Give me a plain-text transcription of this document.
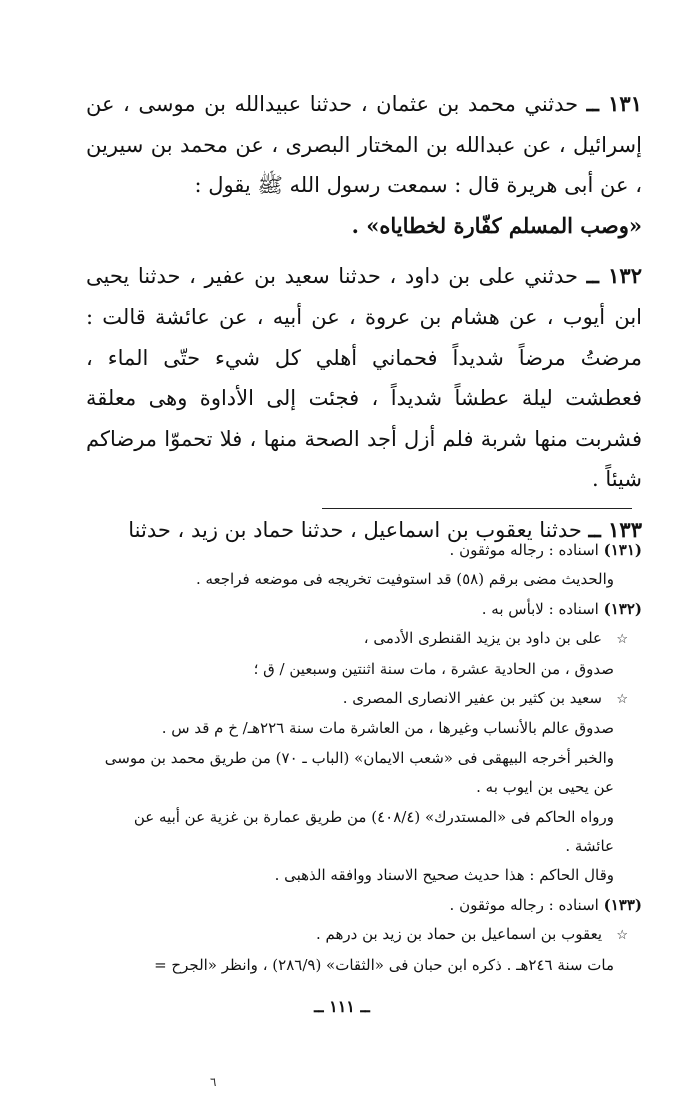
١٣١ ــ حدثني محمد بن عثمان ، حدثنا عبيدالله بن موسى ، عن إسرائيل ، عن عبدالله بن المختار البصرى ، عن محمد بن سيرين ، عن أبى هريرة قال : سمعت رسول الله ﷺ يقول :
«وصب المسلم كفّارة لخطاياه» .

١٣٢ ــ حدثني على بن داود ، حدثنا سعيد بن عفير ، حدثنا يحيى ابن أيوب ، عن هشام بن عروة ، عن أبيه ، عن عائشة قالت : مرضتُ مرضاً شديداً فحماني أهلي كل شيء حتّى الماء ، فعطشت ليلة عطشاً شديداً ، فجئت إلى الأداوة وهى معلقة فشربت منها شربة فلم أزل أجد الصحة منها ، فلا تحموّا مرضاكم شيئاً .

١٣٣ ــ حدثنا يعقوب بن اسماعيل ، حدثنا حماد بن زيد ، حدثنا

(١٣١) اسناده : رجاله موثقون .
والحديث مضى برقم (٥٨) قد استوفيت تخريجه فى موضعه فراجعه .
(١٣٢) اسناده : لابأس به .
☆على بن داود بن يزيد القنطرى الأدمى ،
صدوق ، من الحادية عشرة ، مات سنة اثنتين وسبعين / ق ؛
☆سعيد بن كثير بن عفير الانصارى المصرى .
صدوق عالم بالأنساب وغيرها ، من العاشرة مات سنة ٢٢٦هـ/ خ م قد س .
والخبر أخرجه البيهقى فى «شعب الايمان» (الباب ـ ٧٠) من طريق محمد بن موسى
عن يحيى بن ايوب به .
ورواه الحاكم فى «المستدرك» (٤٠٨/٤) من طريق عمارة بن غزية عن أبيه عن
عائشة .
وقال الحاكم : هذا حديث صحيح الاسناد ووافقه الذهبى .
(١٣٣) اسناده : رجاله موثقون .
☆يعقوب بن اسماعيل بن حماد بن زيد بن درهم .
مات سنة ٢٤٦هـ . ذكره ابن حبان فى «الثقات» (٢٨٦/٩) ، وانظر «الجرح =
ــ ١١١ ــ
٦
